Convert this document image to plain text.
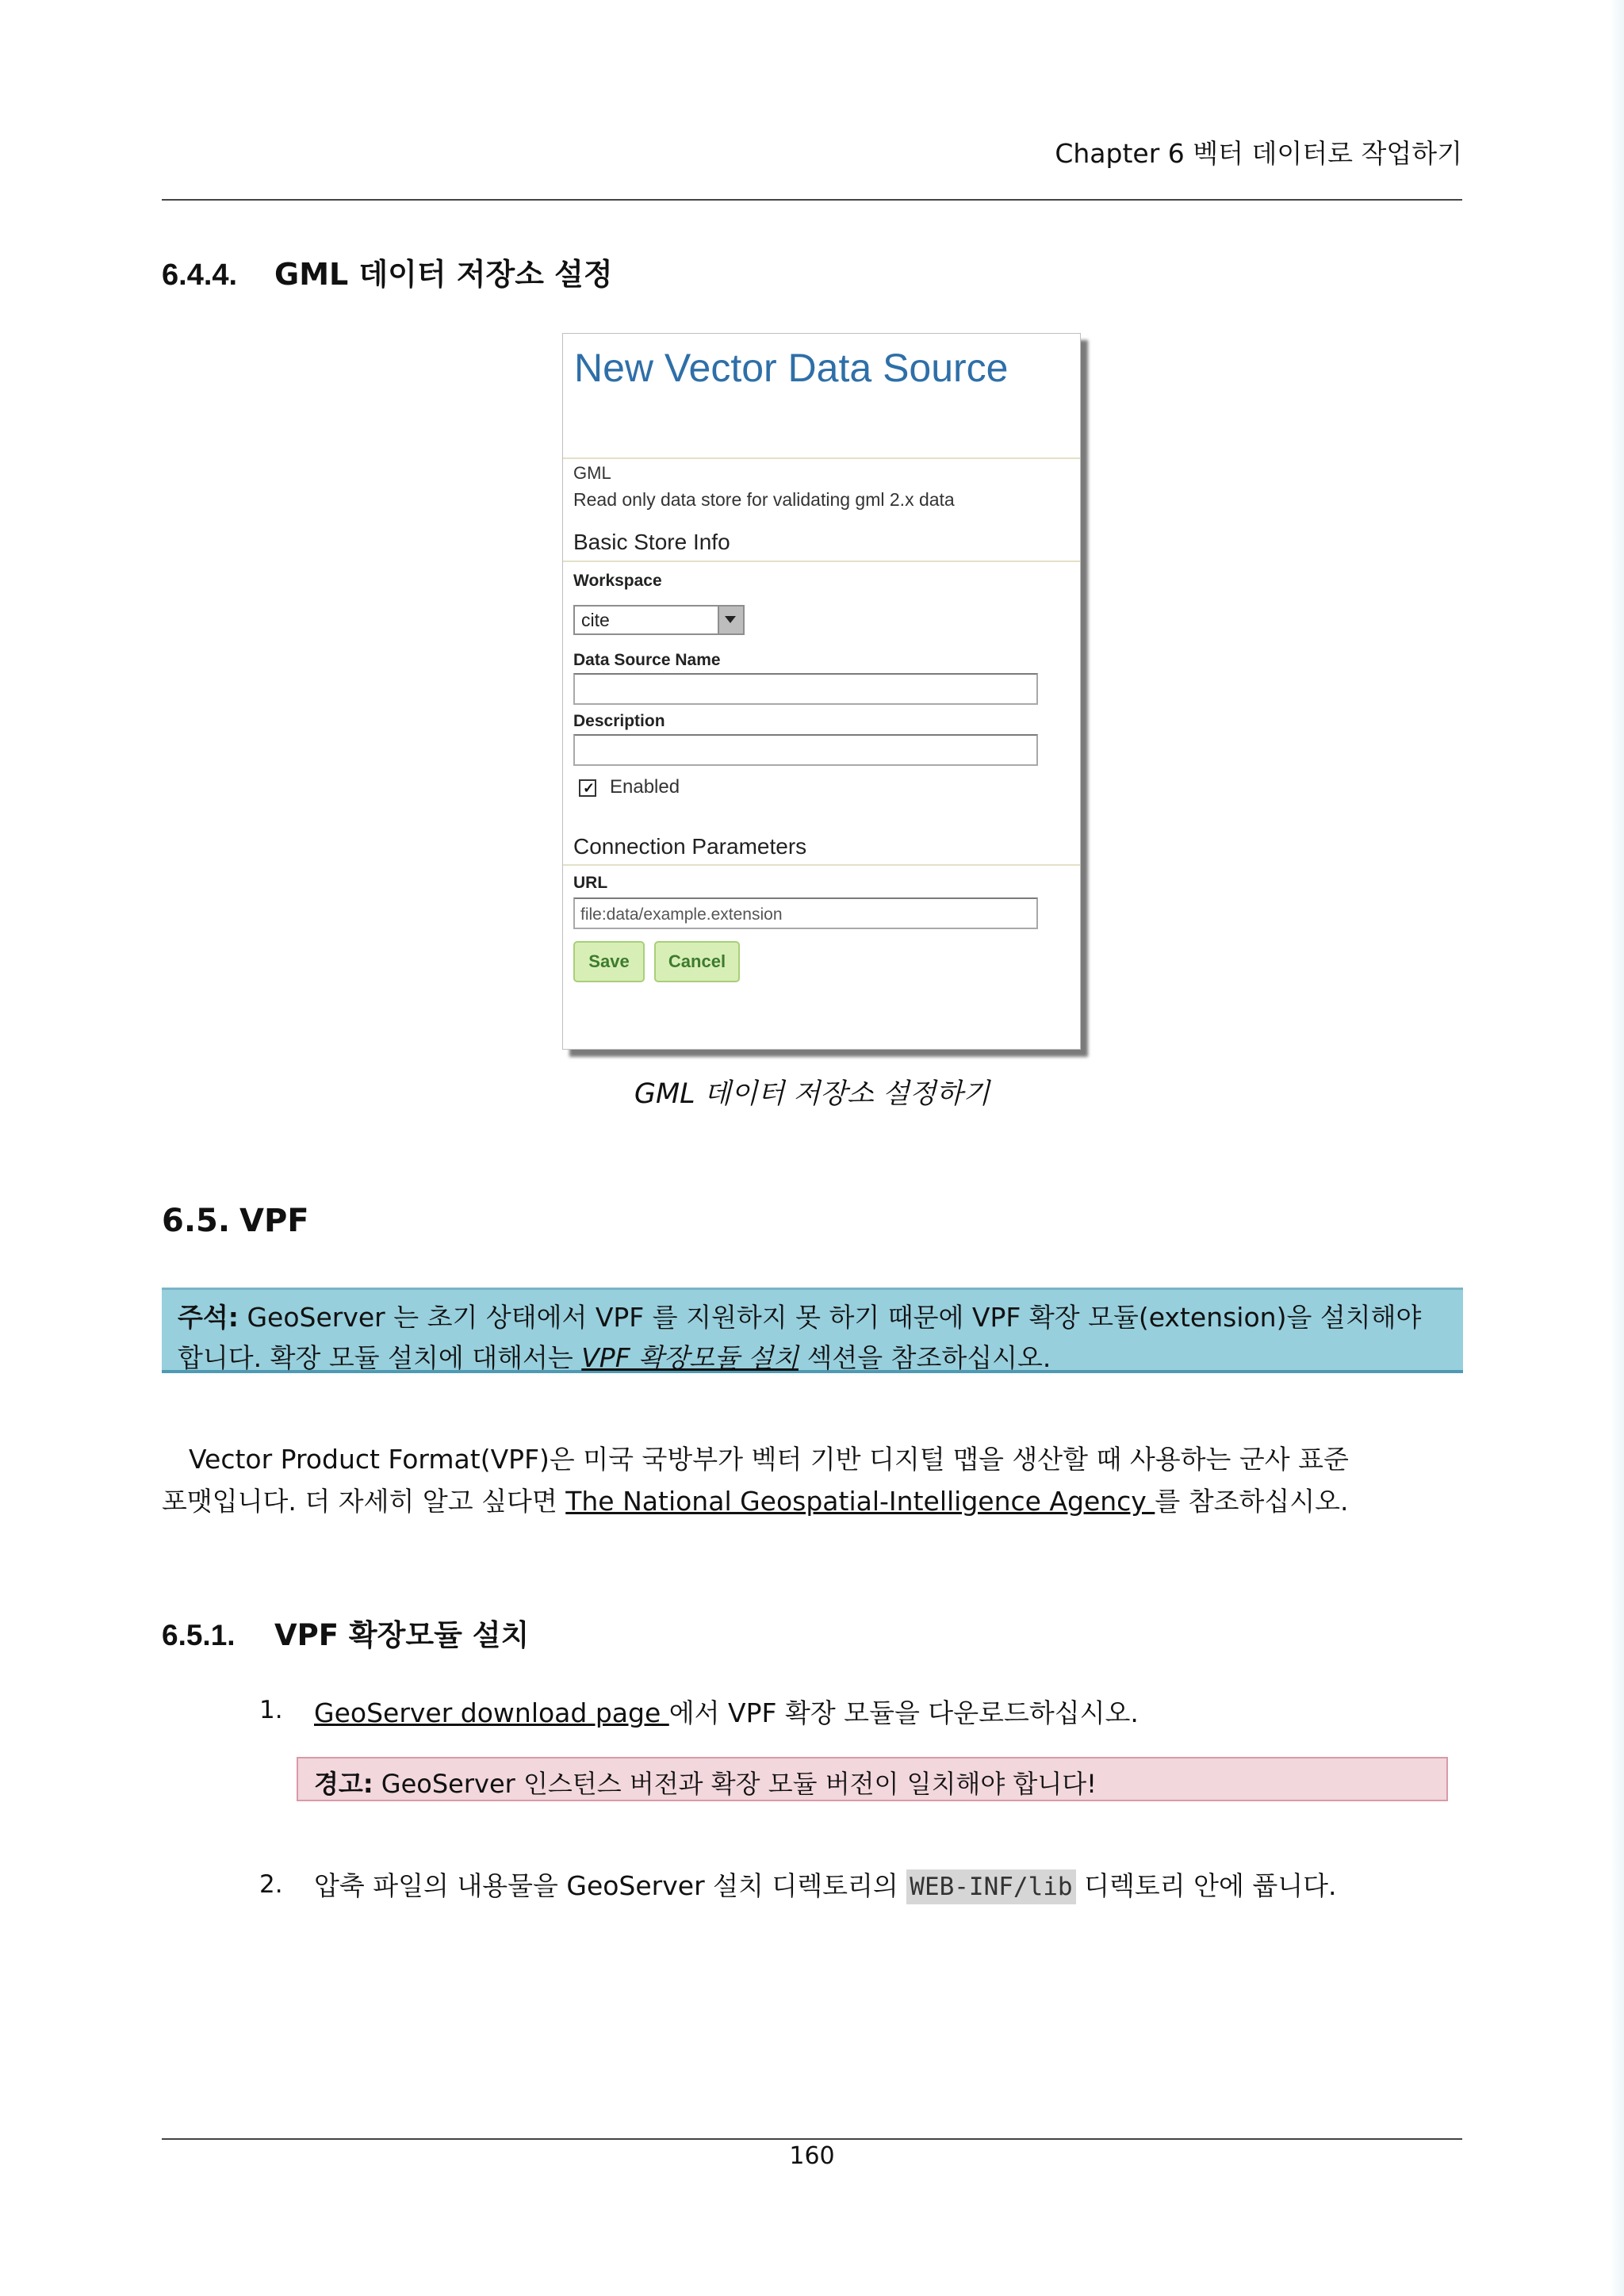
Chapter 6 벡터 데이터로 작업하기
6.4.4. GML 데이터 저장소 설정
New Vector Data Source
GML
Read only data store for validating gml 2.x data
Basic Store Info
Workspace
cite
Data Source Name
Description
✓ Enabled
Connection Parameters
URL
file:data/example.extension
Save	Cancel
GML 데이터 저장소 설정하기
6.5. VPF
주석: GeoServer 는 초기 상태에서 VPF 를 지원하지 못 하기 때문에 VPF 확장 모듈(extension)을 설치해야
합니다. 확장 모듈 설치에 대해서는 VPF 확장모듈 설치 섹션을 참조하십시오.
Vector Product Format(VPF)은 미국 국방부가 벡터 기반 디지털 맵을 생산할 때 사용하는 군사 표준
포맷입니다. 더 자세히 알고 싶다면 The National Geospatial-Intelligence Agency 를 참조하십시오.
6.5.1. VPF 확장모듈 설치
1. GeoServer download page 에서 VPF 확장 모듈을 다운로드하십시오.
경고: GeoServer 인스턴스 버전과 확장 모듈 버전이 일치해야 합니다!
2. 압축 파일의 내용물을 GeoServer 설치 디렉토리의 WEB-INF/lib 디렉토리 안에 풉니다.
160
